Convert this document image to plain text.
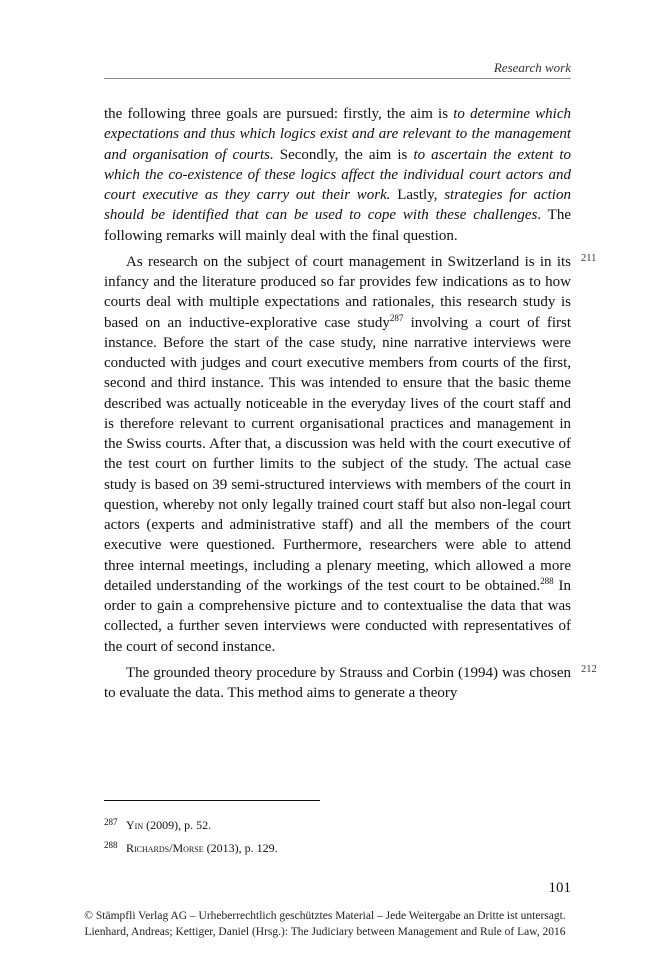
Research work

the following three goals are pursued: firstly, the aim is to determine which expectations and thus which logics exist and are relevant to the management and organisation of courts. Secondly, the aim is to ascertain the extent to which the co-existence of these logics affect the individual court actors and court executive as they carry out their work. Lastly, strategies for action should be identified that can be used to cope with these challenges. The following remarks will mainly deal with the final question.

As research on the subject of court management in Switzerland is in its infancy and the literature produced so far provides few indications as to how courts deal with multiple expectations and rationales, this research study is based on an inductive-explorative case study$^{287}$ involving a court of first instance. Before the start of the case study, nine narrative interviews were conducted with judges and court executive members from courts of the first, second and third instance. This was intended to ensure that the basic theme described was actually noticeable in the everyday lives of the court staff and is therefore relevant to current organisational practices and management in the Swiss courts. After that, a discussion was held with the court executive of the test court on further limits to the subject of the study. The actual case study is based on 39 semi-structured interviews with members of the court in question, whereby not only legally trained court staff but also non-legal court actors (experts and administrative staff) and all the members of the court executive were questioned. Furthermore, researchers were able to attend three internal meetings, including a plenary meeting, which allowed a more detailed understanding of the workings of the test court to be obtained.$^{288}$ In order to gain a comprehensive picture and to contextualise the data that was collected, a further seven interviews were conducted with representatives of the court of second instance.
211

The grounded theory procedure by Strauss and Corbin (1994) was chosen to evaluate the data. This method aims to generate a theory
212

287 Yin (2009), p. 52.

288 Richards/Morse (2013), p. 129.

101
© Stämpfli Verlag AG – Urheberrechtlich geschütztes Material – Jede Weitergabe an Dritte ist untersagt.
Lienhard, Andreas; Kettiger, Daniel (Hrsg.): The Judiciary between Management and Rule of Law, 2016
